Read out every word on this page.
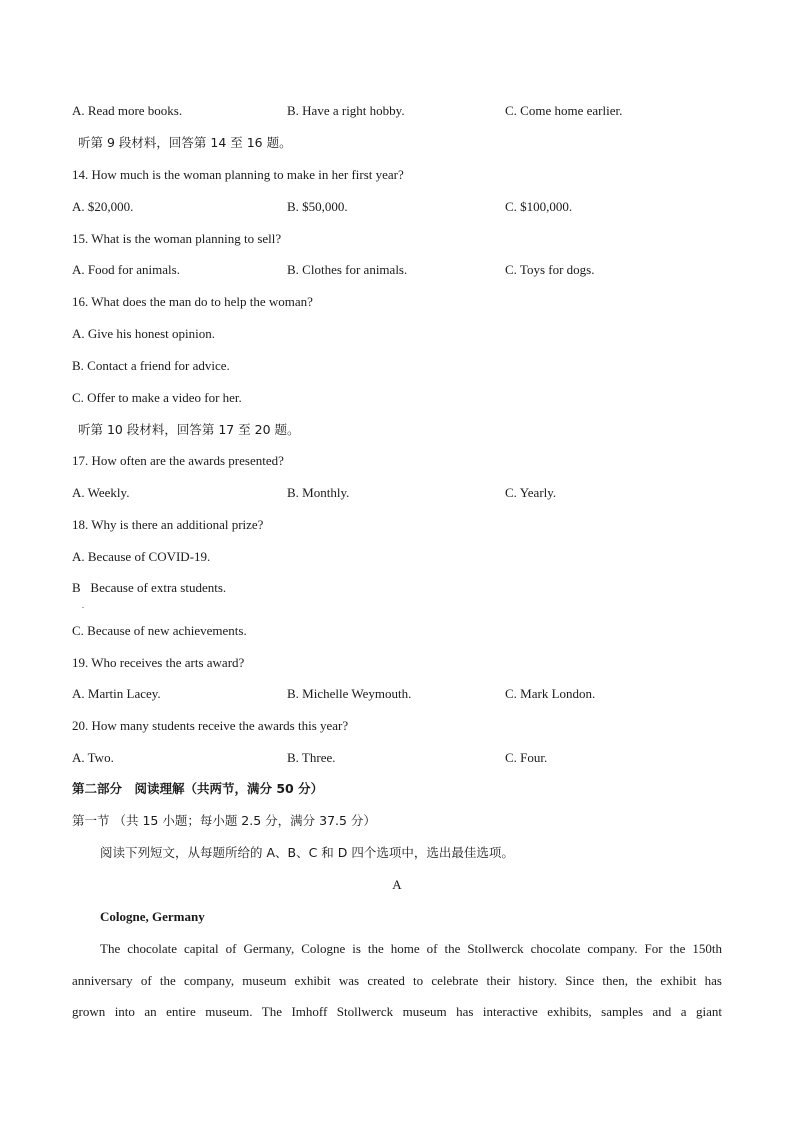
A. Read more books.	B. Have a right hobby.	C. Come home earlier.
听第 9 段材料，回答第 14 至 16 题。
14. How much is the woman planning to make in her first year?
A. $20,000.	B. $50,000.	C. $100,000.
15. What is the woman planning to sell?
A. Food for animals.	B. Clothes for animals.	C. Toys for dogs.
16. What does the man do to help the woman?
A. Give his honest opinion.
B. Contact a friend for advice.
C. Offer to make a video for her.
听第 10 段材料，回答第 17 至 20 题。
17. How often are the awards presented?
A. Weekly.	B. Monthly.	C. Yearly.
18. Why is there an additional prize?
A. Because of COVID-19.
B   Because of extra students.
.
C. Because of new achievements.
19. Who receives the arts award?
A. Martin Lacey.	B. Michelle Weymouth.	C. Mark London.
20. How many students receive the awards this year?
A. Two.	B. Three.	C. Four.
第二部分　阅读理解（共两节，满分 50 分）
第一节 （共 15 小题；每小题 2.5 分，满分 37.5 分）
阅读下列短文，从每题所给的 A、B、C 和 D 四个选项中，选出最佳选项。
A
Cologne, Germany
The chocolate capital of Germany, Cologne is the home of the Stollwerck chocolate company. For the 150th
anniversary of the company, museum exhibit was created to celebrate their history. Since then, the exhibit has
grown into an entire museum. The Imhoff Stollwerck museum has interactive exhibits, samples and a giant
